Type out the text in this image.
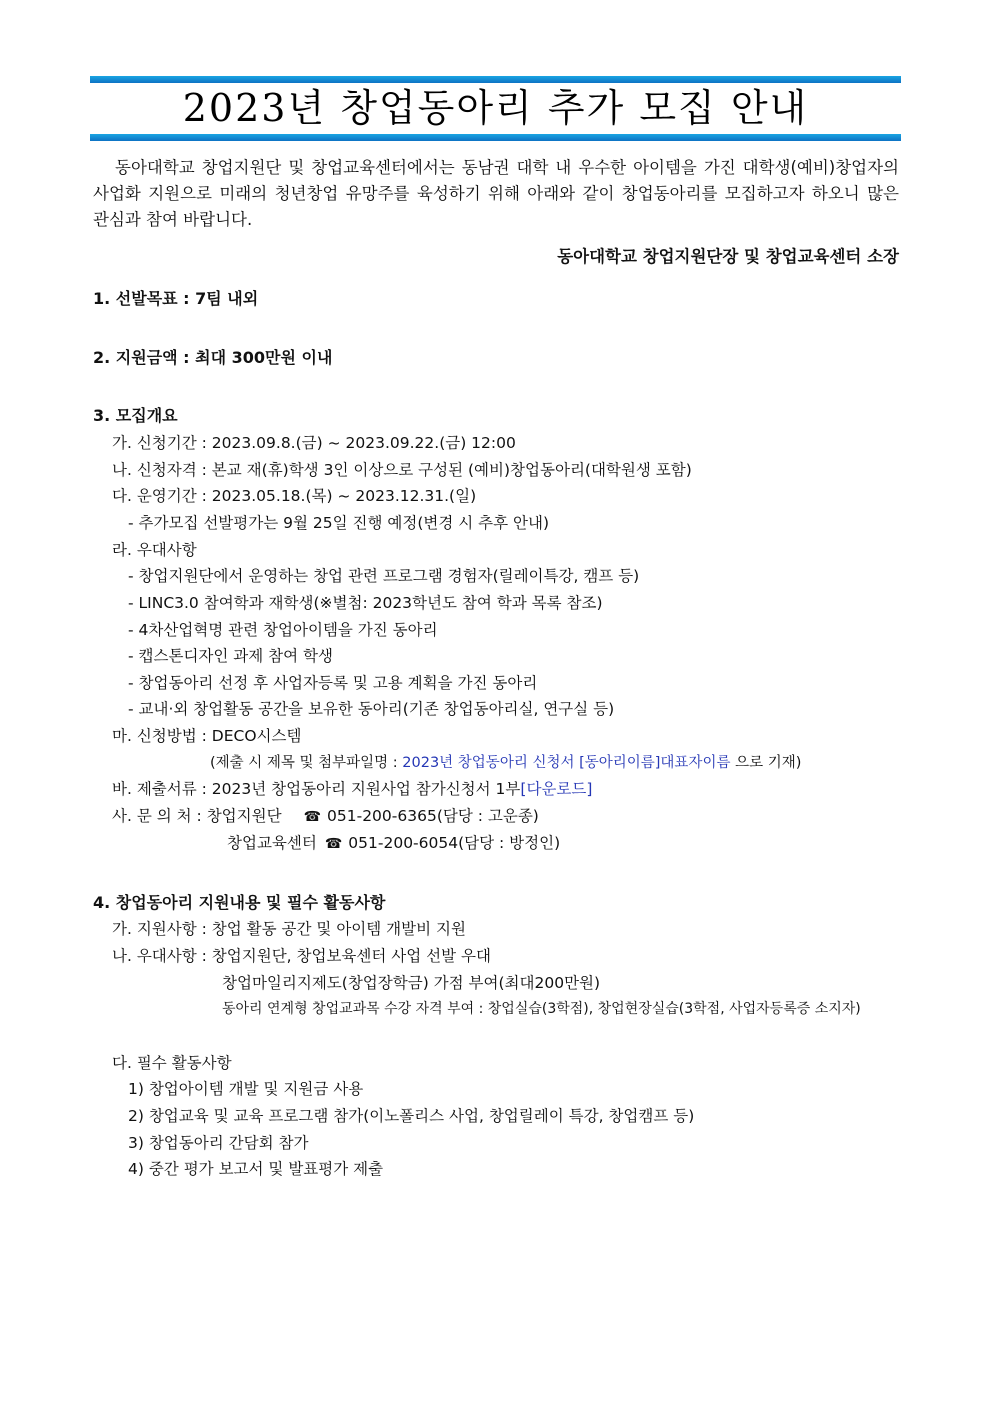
2023년 창업동아리 추가 모집 안내
동아대학교 창업지원단 및 창업교육센터에서는 동남권 대학 내 우수한 아이템을 가진 대학생(예비)창업자의 사업화 지원으로 미래의 청년창업 유망주를 육성하기 위해 아래와 같이 창업동아리를 모집하고자 하오니 많은 관심과 참여 바랍니다.
동아대학교 창업지원단장 및 창업교육센터 소장
1. 선발목표 : 7팀 내외
2. 지원금액 : 최대 300만원 이내
3. 모집개요
가. 신청기간 : 2023.09.8.(금) ~ 2023.09.22.(금) 12:00
나. 신청자격 : 본교 재(휴)학생 3인 이상으로 구성된 (예비)창업동아리(대학원생 포함)
다. 운영기간 : 2023.05.18.(목) ~ 2023.12.31.(일)
- 추가모집 선발평가는 9월 25일 진행 예정(변경 시 추후 안내)
라. 우대사항
- 창업지원단에서 운영하는 창업 관련 프로그램 경험자(릴레이특강, 캠프 등)
- LINC3.0 참여학과 재학생(※별첨: 2023학년도 참여 학과 목록 참조)
- 4차산업혁명 관련 창업아이템을 가진 동아리
- 캡스톤디자인 과제 참여 학생
- 창업동아리 선정 후 사업자등록 및 고용 계획을 가진 동아리
- 교내·외 창업활동 공간을 보유한 동아리(기존 창업동아리실, 연구실 등)
마. 신청방법 : DECO시스템
(제출 시 제목 및 첨부파일명 : 2023년 창업동아리 신청서 [동아리이름]대표자이름 으로 기재)
바. 제출서류 : 2023년 창업동아리 지원사업 참가신청서 1부[다운로드]
사. 문 의 처 : 창업지원단 ☎ 051-200-6365(담당 : 고운종)
창업교육센터 ☎ 051-200-6054(담당 : 방정인)
4. 창업동아리 지원내용 및 필수 활동사항
가. 지원사항 : 창업 활동 공간 및 아이템 개발비 지원
나. 우대사항 : 창업지원단, 창업보육센터 사업 선발 우대
창업마일리지제도(창업장학금) 가점 부여(최대200만원)
동아리 연계형 창업교과목 수강 자격 부여 : 창업실습(3학점), 창업현장실습(3학점, 사업자등록증 소지자)
다. 필수 활동사항
1) 창업아이템 개발 및 지원금 사용
2) 창업교육 및 교육 프로그램 참가(이노폴리스 사업, 창업릴레이 특강, 창업캠프 등)
3) 창업동아리 간담회 참가
4) 중간 평가 보고서 및 발표평가 제출
